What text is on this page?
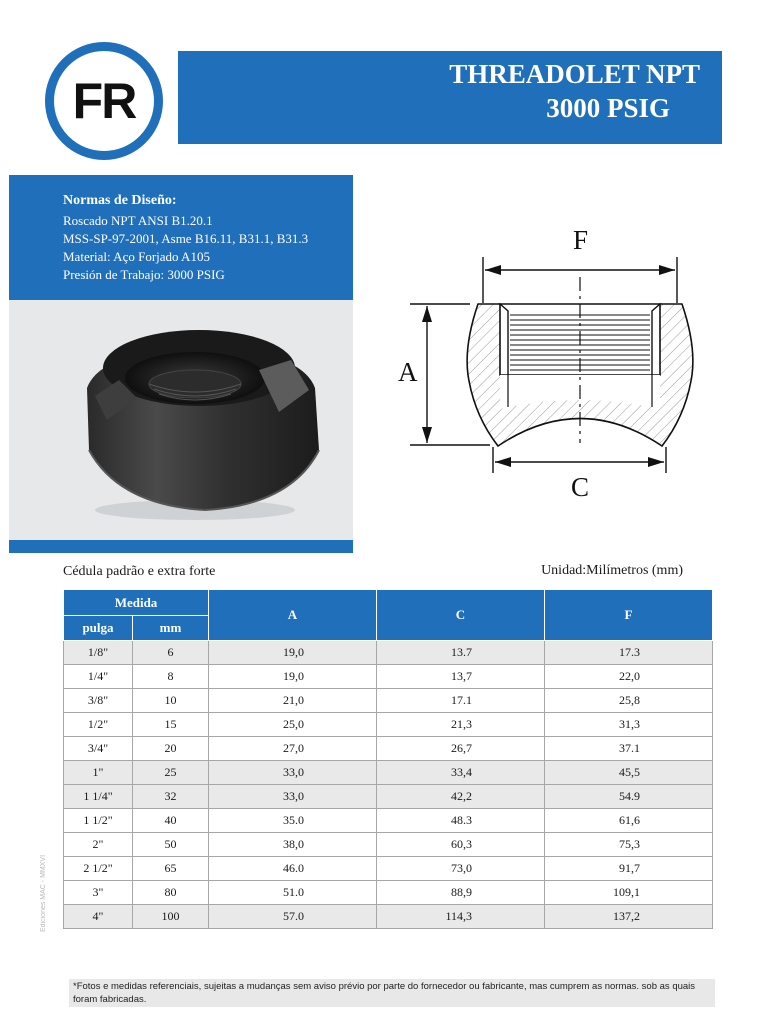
FR	THREADOLET NPT
3000 PSIG
Normas de Diseño:
Roscado NPT ANSI B1.20.1
MSS-SP-97-2001, Asme B16.11, B31.1, B31.3
Material: Aço Forjado A105
Presión de Trabajo: 3000 PSIG
F
A
C
Cédula padrão e extra forte	Unidad:Milímetros (mm)
Medida		A	C	F
pulga	mm			
1/8"	6	19,0	13.7	17.3
1/4"	8	19,0	13,7	22,0
3/8"	10	21,0	17.1	25,8
1/2"	15	25,0	21,3	31,3
3/4"	20	27,0	26,7	37.1
1"	25	33,0	33,4	45,5
1 1/4"	32	33,0	42,2	54.9
1 1/2"	40	35.0	48.3	61,6
2"	50	38,0	60,3	75,3
2 1/2"	65	46.0	73,0	91,7
3"	80	51.0	88,9	109,1
4"	100	57.0	114,3	137,2
Ediciones MAC - MMXVI
*Fotos e medidas referenciais, sujeitas a mudanças sem aviso prévio por parte do fornecedor ou fabricante, mas cumprem as normas. sob as quais foram fabricadas.
